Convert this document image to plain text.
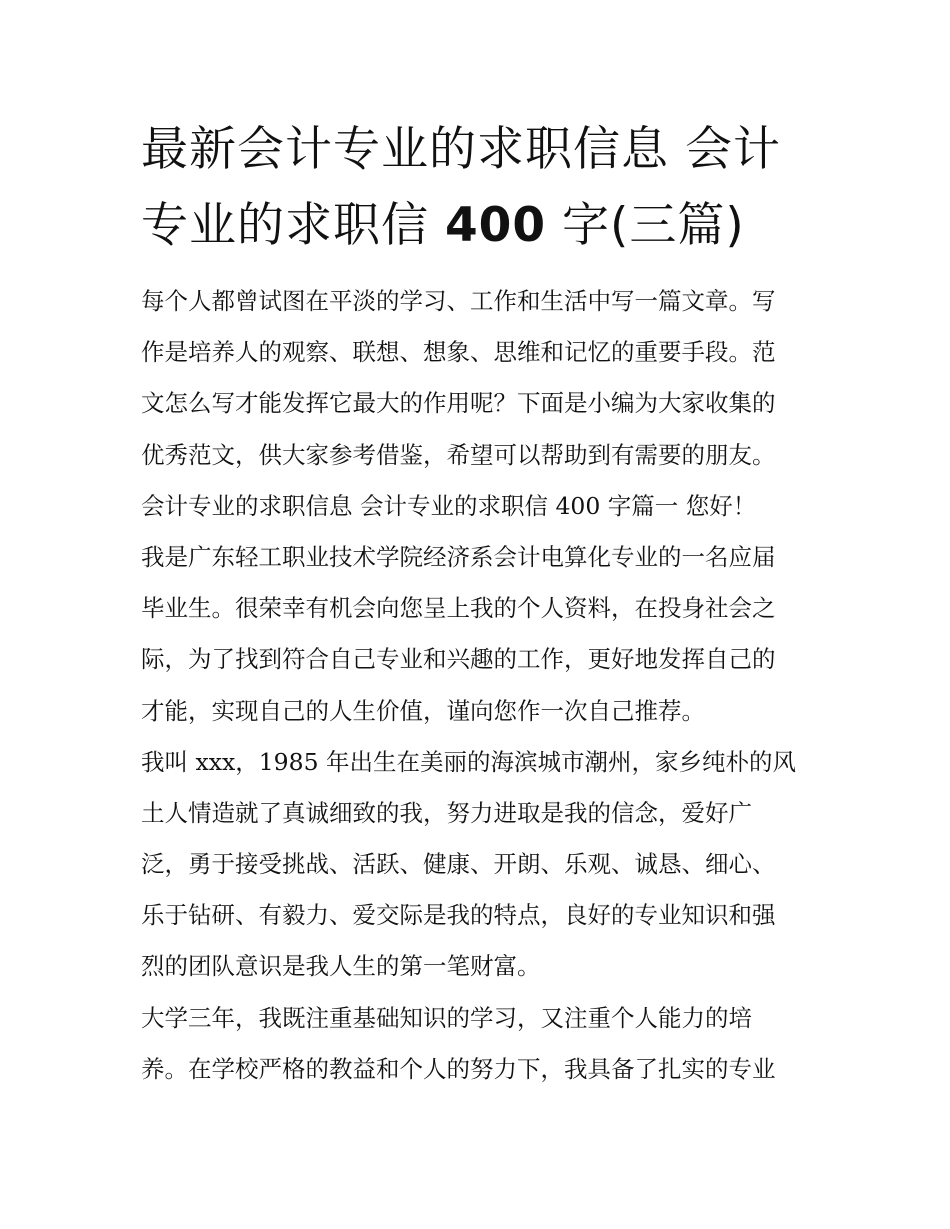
最新会计专业的求职信息 会计
专业的求职信 400 字(三篇)
每个人都曾试图在平淡的学习、工作和生活中写一篇文章。写
作是培养人的观察、联想、想象、思维和记忆的重要手段。范
文怎么写才能发挥它最大的作用呢？下面是小编为大家收集的
优秀范文，供大家参考借鉴，希望可以帮助到有需要的朋友。
会计专业的求职信息 会计专业的求职信 400 字篇一 您好！
我是广东轻工职业技术学院经济系会计电算化专业的一名应届
毕业生。很荣幸有机会向您呈上我的个人资料，在投身社会之
际，为了找到符合自己专业和兴趣的工作，更好地发挥自己的
才能，实现自己的人生价值，谨向您作一次自己推荐。
我叫 xxx，1985 年出生在美丽的海滨城市潮州，家乡纯朴的风
土人情造就了真诚细致的我，努力进取是我的信念，爱好广
泛，勇于接受挑战、活跃、健康、开朗、乐观、诚恳、细心、
乐于钻研、有毅力、爱交际是我的特点，良好的专业知识和强
烈的团队意识是我人生的第一笔财富。
大学三年，我既注重基础知识的学习，又注重个人能力的培
养。在学校严格的教益和个人的努力下，我具备了扎实的专业
